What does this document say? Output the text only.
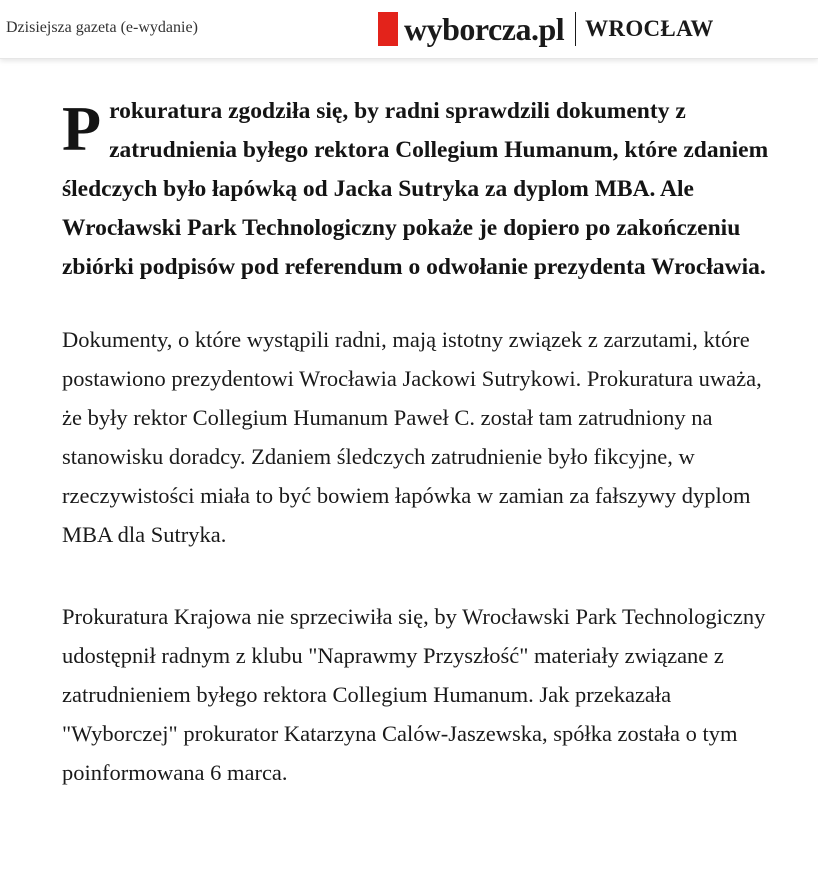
Dzisiejsza gazeta (e-wydanie)	wyborcza.pl WROCŁAW

P rokuratura zgodziła się, by radni sprawdzili dokumenty z zatrudnienia byłego rektora Collegium Humanum, które zdaniem śledczych było łapówką od Jacka Sutryka za dyplom MBA. Ale Wrocławski Park Technologiczny pokaże je dopiero po zakończeniu zbiórki podpisów pod referendum o odwołanie prezydenta Wrocławia.

Dokumenty, o które wystąpili radni, mają istotny związek z zarzutami, które postawiono prezydentowi Wrocławia Jackowi Sutrykowi. Prokuratura uważa, że były rektor Collegium Humanum Paweł C. został tam zatrudniony na stanowisku doradcy. Zdaniem śledczych zatrudnienie było fikcyjne, w rzeczywistości miała to być bowiem łapówka w zamian za fałszywy dyplom MBA dla Sutryka.

Prokuratura Krajowa nie sprzeciwiła się, by Wrocławski Park Technologiczny udostępnił radnym z klubu "Naprawmy Przyszłość" materiały związane z zatrudnieniem byłego rektora Collegium Humanum. Jak przekazała "Wyborczej" prokurator Katarzyna Calów-Jaszewska, spółka została o tym poinformowana 6 marca.
